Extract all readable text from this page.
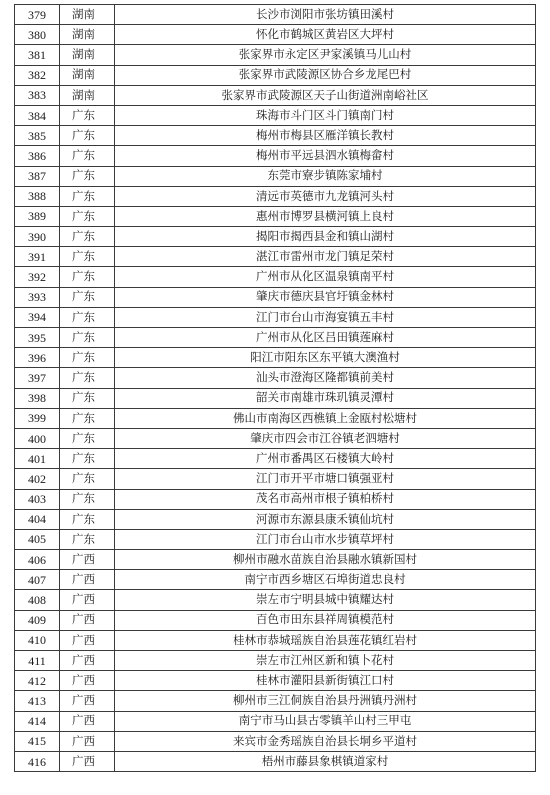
379	湖南	长沙市浏阳市张坊镇田溪村
380	湖南	怀化市鹤城区黄岩区大坪村
381	湖南	张家界市永定区尹家溪镇马儿山村
382	湖南	张家界市武陵源区协合乡龙尾巴村
383	湖南	张家界市武陵源区天子山街道洲南峪社区
384	广东	珠海市斗门区斗门镇南门村
385	广东	梅州市梅县区雁洋镇长教村
386	广东	梅州市平远县泗水镇梅畲村
387	广东	东莞市寮步镇陈家埔村
388	广东	清远市英德市九龙镇河头村
389	广东	惠州市博罗县横河镇上良村
390	广东	揭阳市揭西县金和镇山湖村
391	广东	湛江市雷州市龙门镇足荣村
392	广东	广州市从化区温泉镇南平村
393	广东	肇庆市德庆县官圩镇金林村
394	广东	江门市台山市海宴镇五丰村
395	广东	广州市从化区吕田镇莲麻村
396	广东	阳江市阳东区东平镇大澳渔村
397	广东	汕头市澄海区隆都镇前美村
398	广东	韶关市南雄市珠玑镇灵潭村
399	广东	佛山市南海区西樵镇上金瓯村松塘村
400	广东	肇庆市四会市江谷镇老泗塘村
401	广东	广州市番禺区石楼镇大岭村
402	广东	江门市开平市塘口镇强亚村
403	广东	茂名市高州市根子镇柏桥村
404	广东	河源市东源县康禾镇仙坑村
405	广东	江门市台山市水步镇草坪村
406	广西	柳州市融水苗族自治县融水镇新国村
407	广西	南宁市西乡塘区石埠街道忠良村
408	广西	崇左市宁明县城中镇耀达村
409	广西	百色市田东县祥周镇模范村
410	广西	桂林市恭城瑶族自治县莲花镇红岩村
411	广西	崇左市江州区新和镇卜花村
412	广西	桂林市灌阳县新街镇江口村
413	广西	柳州市三江侗族自治县丹洲镇丹洲村
414	广西	南宁市马山县古零镇羊山村三甲屯
415	广西	来宾市金秀瑶族自治县长垌乡平道村
416	广西	梧州市藤县象棋镇道家村
